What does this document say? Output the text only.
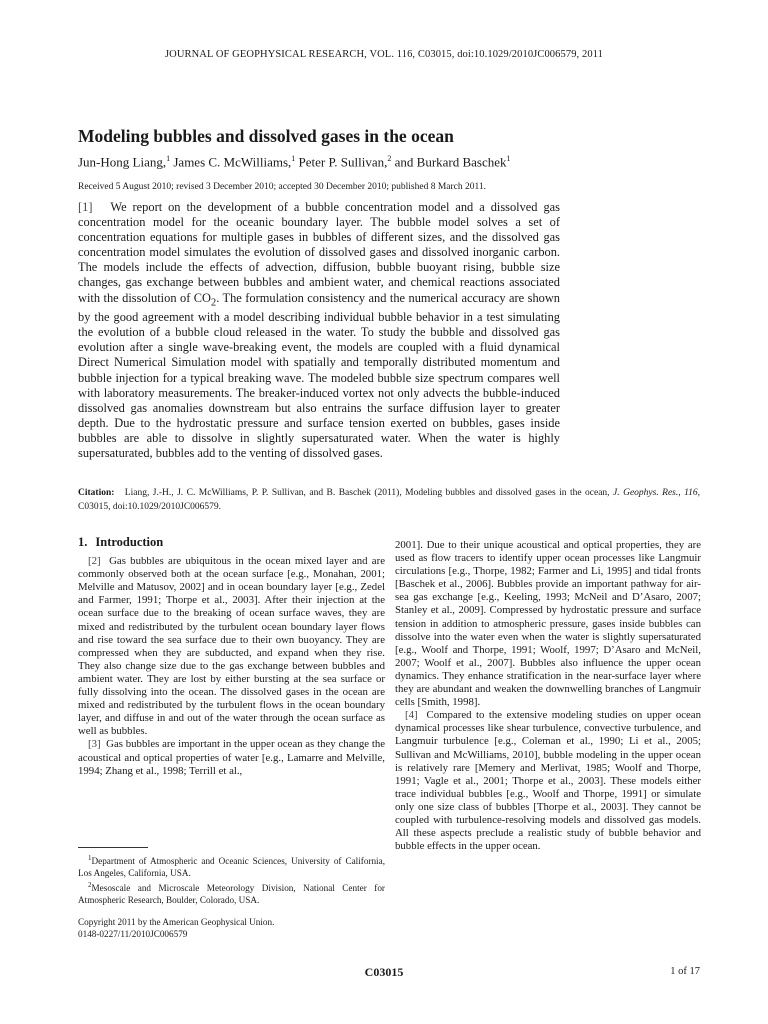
JOURNAL OF GEOPHYSICAL RESEARCH, VOL. 116, C03015, doi:10.1029/2010JC006579, 2011
Modeling bubbles and dissolved gases in the ocean
Jun-Hong Liang,$^1$ James C. McWilliams,$^1$ Peter P. Sullivan,$^2$ and Burkard Baschek$^1$
Received 5 August 2010; revised 3 December 2010; accepted 30 December 2010; published 8 March 2011.

[1] We report on the development of a bubble concentration model and a dissolved gas concentration model for the oceanic boundary layer. The bubble model solves a set of concentration equations for multiple gases in bubbles of different sizes, and the dissolved gas concentration model simulates the evolution of dissolved gases and dissolved inorganic carbon. The models include the effects of advection, diffusion, bubble buoyant rising, bubble size changes, gas exchange between bubbles and ambient water, and chemical reactions associated with the dissolution of $CO_2$. The formulation consistency and the numerical accuracy are shown by the good agreement with a model describing individual bubble behavior in a test simulating the evolution of a bubble cloud released in the water. To study the bubble and dissolved gas evolution after a single wave-breaking event, the models are coupled with a fluid dynamical Direct Numerical Simulation model with spatially and temporally distributed momentum and bubble injection for a typical breaking wave. The modeled bubble size spectrum compares well with laboratory measurements. The breaker-induced vortex not only advects the bubble-induced dissolved gas anomalies downstream but also entrains the surface diffusion layer to greater depth. Due to the hydrostatic pressure and surface tension exerted on bubbles, gases inside bubbles are able to dissolve in slightly supersaturated water. When the water is highly supersaturated, bubbles add to the venting of dissolved gases.

Citation: Liang, J.-H., J. C. McWilliams, P. P. Sullivan, and B. Baschek (2011), Modeling bubbles and dissolved gases in the ocean, J. Geophys. Res., 116, C03015, doi:10.1029/2010JC006579.
1. Introduction

[2] Gas bubbles are ubiquitous in the ocean mixed layer and are commonly observed both at the ocean surface [e.g., Monahan, 2001; Melville and Matusov, 2002] and in ocean boundary layer [e.g., Zedel and Farmer, 1991; Thorpe et al., 2003]. After their injection at the ocean surface due to the breaking of ocean surface waves, they are mixed and redistributed by the turbulent ocean boundary layer flows and rise toward the sea surface due to their own buoyancy. They are compressed when they are subducted, and expand when they rise. They also change size due to the gas exchange between bubbles and ambient water. They are lost by either bursting at the sea surface or fully dissolving into the ocean. The dissolved gases in the ocean are mixed and redistributed by the turbulent flows in the ocean boundary layer, and diffuse in and out of the water through the ocean surface as well as bubbles.

[3] Gas bubbles are important in the upper ocean as they change the acoustical and optical properties of water [e.g., Lamarre and Melville, 1994; Zhang et al., 1998; Terrill et al.,

2001]. Due to their unique acoustical and optical properties, they are used as flow tracers to identify upper ocean processes like Langmuir circulations [e.g., Thorpe, 1982; Farmer and Li, 1995] and tidal fronts [Baschek et al., 2006]. Bubbles provide an important pathway for air-sea gas exchange [e.g., Keeling, 1993; McNeil and D’Asaro, 2007; Stanley et al., 2009]. Compressed by hydrostatic pressure and surface tension in addition to atmospheric pressure, gases inside bubbles can dissolve into the water even when the water is slightly supersaturated [e.g., Woolf and Thorpe, 1991; Woolf, 1997; D’Asaro and McNeil, 2007; Woolf et al., 2007]. Bubbles also influence the upper ocean dynamics. They enhance stratification in the near-surface layer where they are abundant and weaken the downwelling branches of Langmuir cells [Smith, 1998].

[4] Compared to the extensive modeling studies on upper ocean dynamical processes like shear turbulence, convective turbulence, and Langmuir turbulence [e.g., Coleman et al., 1990; Li et al., 2005; Sullivan and McWilliams, 2010], bubble modeling in the upper ocean is relatively rare [Memery and Merlivat, 1985; Woolf and Thorpe, 1991; Vagle et al., 2001; Thorpe et al., 2003]. These models either trace individual bubbles [e.g., Woolf and Thorpe, 1991] or simulate only one size class of bubbles [Thorpe et al., 2003]. They cannot be coupled with turbulence-resolving models and dissolved gas models. All these aspects preclude a realistic study of bubble behavior and bubble effects in the upper ocean.

$^1$Department of Atmospheric and Oceanic Sciences, University of California, Los Angeles, California, USA.

$^2$Mesoscale and Microscale Meteorology Division, National Center for Atmospheric Research, Boulder, Colorado, USA.

Copyright 2011 by the American Geophysical Union.
0148-0227/11/2010JC006579
C03015	1 of 17
